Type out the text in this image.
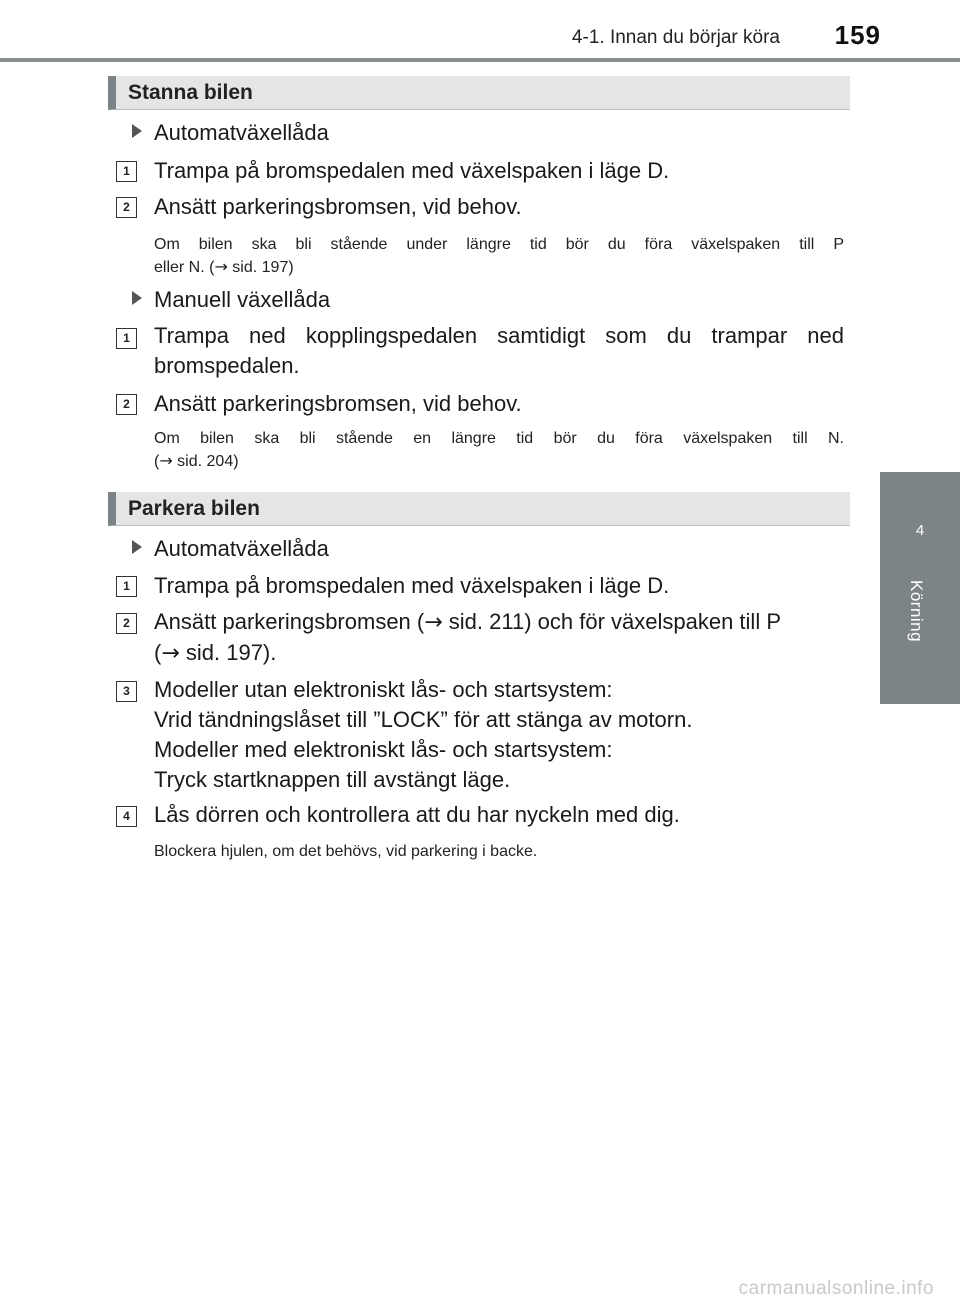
4-1. Innan du börjar köra 159
4
Körning
Stanna bilen
Automatväxellåda
1	Trampa på bromspedalen med växelspaken i läge D.
2	Ansätt parkeringsbromsen, vid behov.
Om bilen ska bli stående under längre tid bör du föra växelspaken till P
eller N. (→ sid. 197)
Manuell växellåda
1	Trampa ned kopplingspedalen samtidigt som du trampar ned
bromspedalen.
2	Ansätt parkeringsbromsen, vid behov.
Om bilen ska bli stående en längre tid bör du föra växelspaken till N.
(→ sid. 204)
Parkera bilen
Automatväxellåda
1	Trampa på bromspedalen med växelspaken i läge D.
2	Ansätt parkeringsbromsen (→ sid. 211) och för växelspaken till P
(→ sid. 197).
3	Modeller utan elektroniskt lås- och startsystem:
Vrid tändningslåset till ”LOCK” för att stänga av motorn.
Modeller med elektroniskt lås- och startsystem:
Tryck startknappen till avstängt läge.
4	Lås dörren och kontrollera att du har nyckeln med dig.
Blockera hjulen, om det behövs, vid parkering i backe.
carmanualsonline.info
